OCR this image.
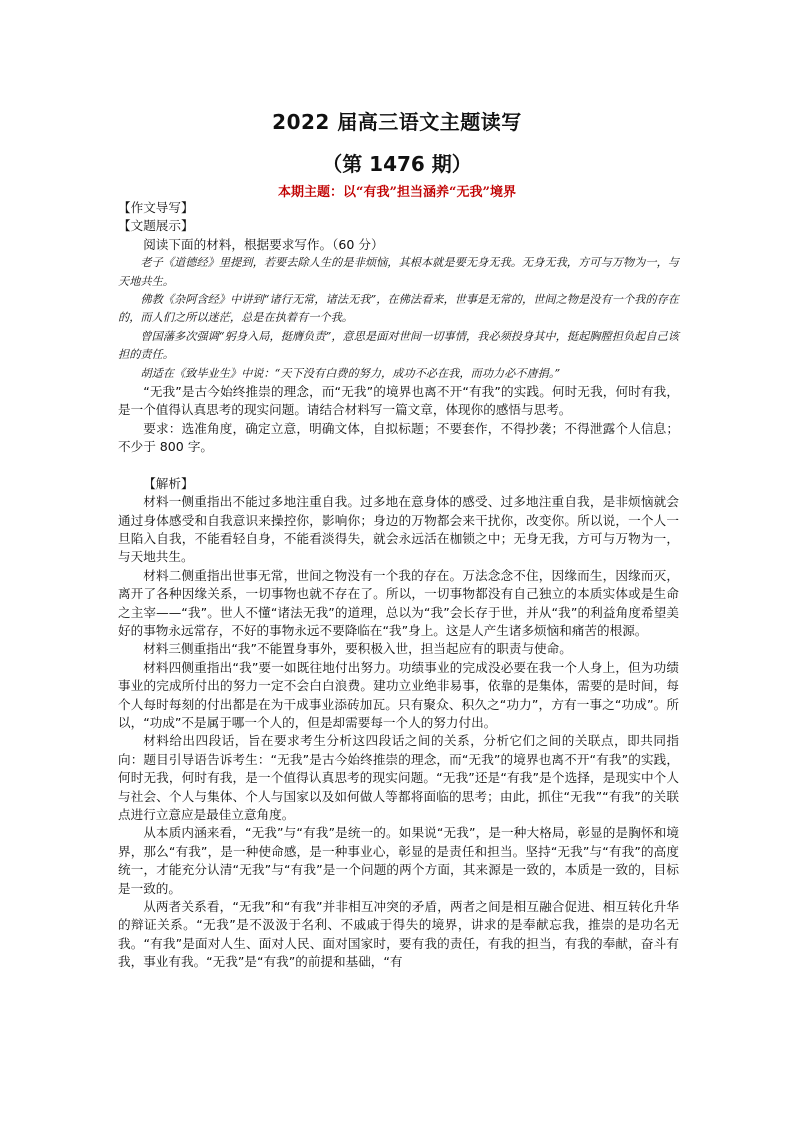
2022 届高三语文主题读写
（第 1476 期）

本期主题：以“有我”担当涵养“无我”境界

【作文导写】

【文题展示】

阅读下面的材料，根据要求写作。（60 分）

老子《道德经》里提到，若要去除人生的是非烦恼，其根本就是要无身无我。无身无我，方可与万物为一，与天地共生。

佛教《杂阿含经》中讲到“诸行无常，诸法无我”，在佛法看来，世事是无常的，世间之物是没有一个我的存在的，而人们之所以迷茫，总是在执着有一个我。

曾国藩多次强调“躬身入局，挺膺负责”，意思是面对世间一切事情，我必须投身其中，挺起胸膛担负起自己该担的责任。

胡适在《致毕业生》中说：“天下没有白费的努力，成功不必在我，而功力必不唐捐。”

“无我”是古今始终推崇的理念，而“无我”的境界也离不开“有我”的实践。何时无我，何时有我，是一个值得认真思考的现实问题。请结合材料写一篇文章，体现你的感悟与思考。

要求：选准角度，确定立意，明确文体，自拟标题；不要套作，不得抄袭；不得泄露个人信息；不少于 800 字。

【解析】

材料一侧重指出不能过多地注重自我。过多地在意身体的感受、过多地注重自我，是非烦恼就会通过身体感受和自我意识来操控你，影响你；身边的万物都会来干扰你，改变你。所以说，一个人一旦陷入自我，不能看轻自身，不能看淡得失，就会永远活在枷锁之中；无身无我，方可与万物为一，与天地共生。

材料二侧重指出世事无常，世间之物没有一个我的存在。万法念念不住，因缘而生，因缘而灭，离开了各种因缘关系，一切事物也就不存在了。所以，一切事物都没有自己独立的本质实体或是生命之主宰——“我”。世人不懂“诸法无我”的道理，总以为“我”会长存于世，并从“我”的利益角度希望美好的事物永远常存，不好的事物永远不要降临在“我”身上。这是人产生诸多烦恼和痛苦的根源。

材料三侧重指出“我”不能置身事外，要积极入世，担当起应有的职责与使命。

材料四侧重指出“我”要一如既往地付出努力。功绩事业的完成没必要在我一个人身上，但为功绩事业的完成所付出的努力一定不会白白浪费。建功立业绝非易事，依靠的是集体，需要的是时间，每个人每时每刻的付出都是在为干成事业添砖加瓦。只有聚众、积久之“功力”，方有一事之“功成”。所以，“功成”不是属于哪一个人的，但是却需要每一个人的努力付出。

材料给出四段话，旨在要求考生分析这四段话之间的关系，分析它们之间的关联点，即共同指向：题目引导语告诉考生：“无我”是古今始终推崇的理念，而“无我”的境界也离不开“有我”的实践，何时无我，何时有我，是一个值得认真思考的现实问题。“无我”还是“有我”是个选择，是现实中个人与社会、个人与集体、个人与国家以及如何做人等都将面临的思考；由此，抓住“无我”“有我”的关联点进行立意应是最佳立意角度。

从本质内涵来看，“无我”与“有我”是统一的。如果说“无我”，是一种大格局，彰显的是胸怀和境界，那么“有我”，是一种使命感，是一种事业心，彰显的是责任和担当。坚持“无我”与“有我”的高度统一，才能充分认清“无我”与“有我”是一个问题的两个方面，其来源是一致的，本质是一致的，目标是一致的。

从两者关系看，“无我”和“有我”并非相互冲突的矛盾，两者之间是相互融合促进、相互转化升华的辩证关系。“无我”是不汲汲于名利、不戚戚于得失的境界，讲求的是奉献忘我，推崇的是功名无我。“有我”是面对人生、面对人民、面对国家时，要有我的责任，有我的担当，有我的奉献，奋斗有我，事业有我。“无我”是“有我”的前提和基础，“有
